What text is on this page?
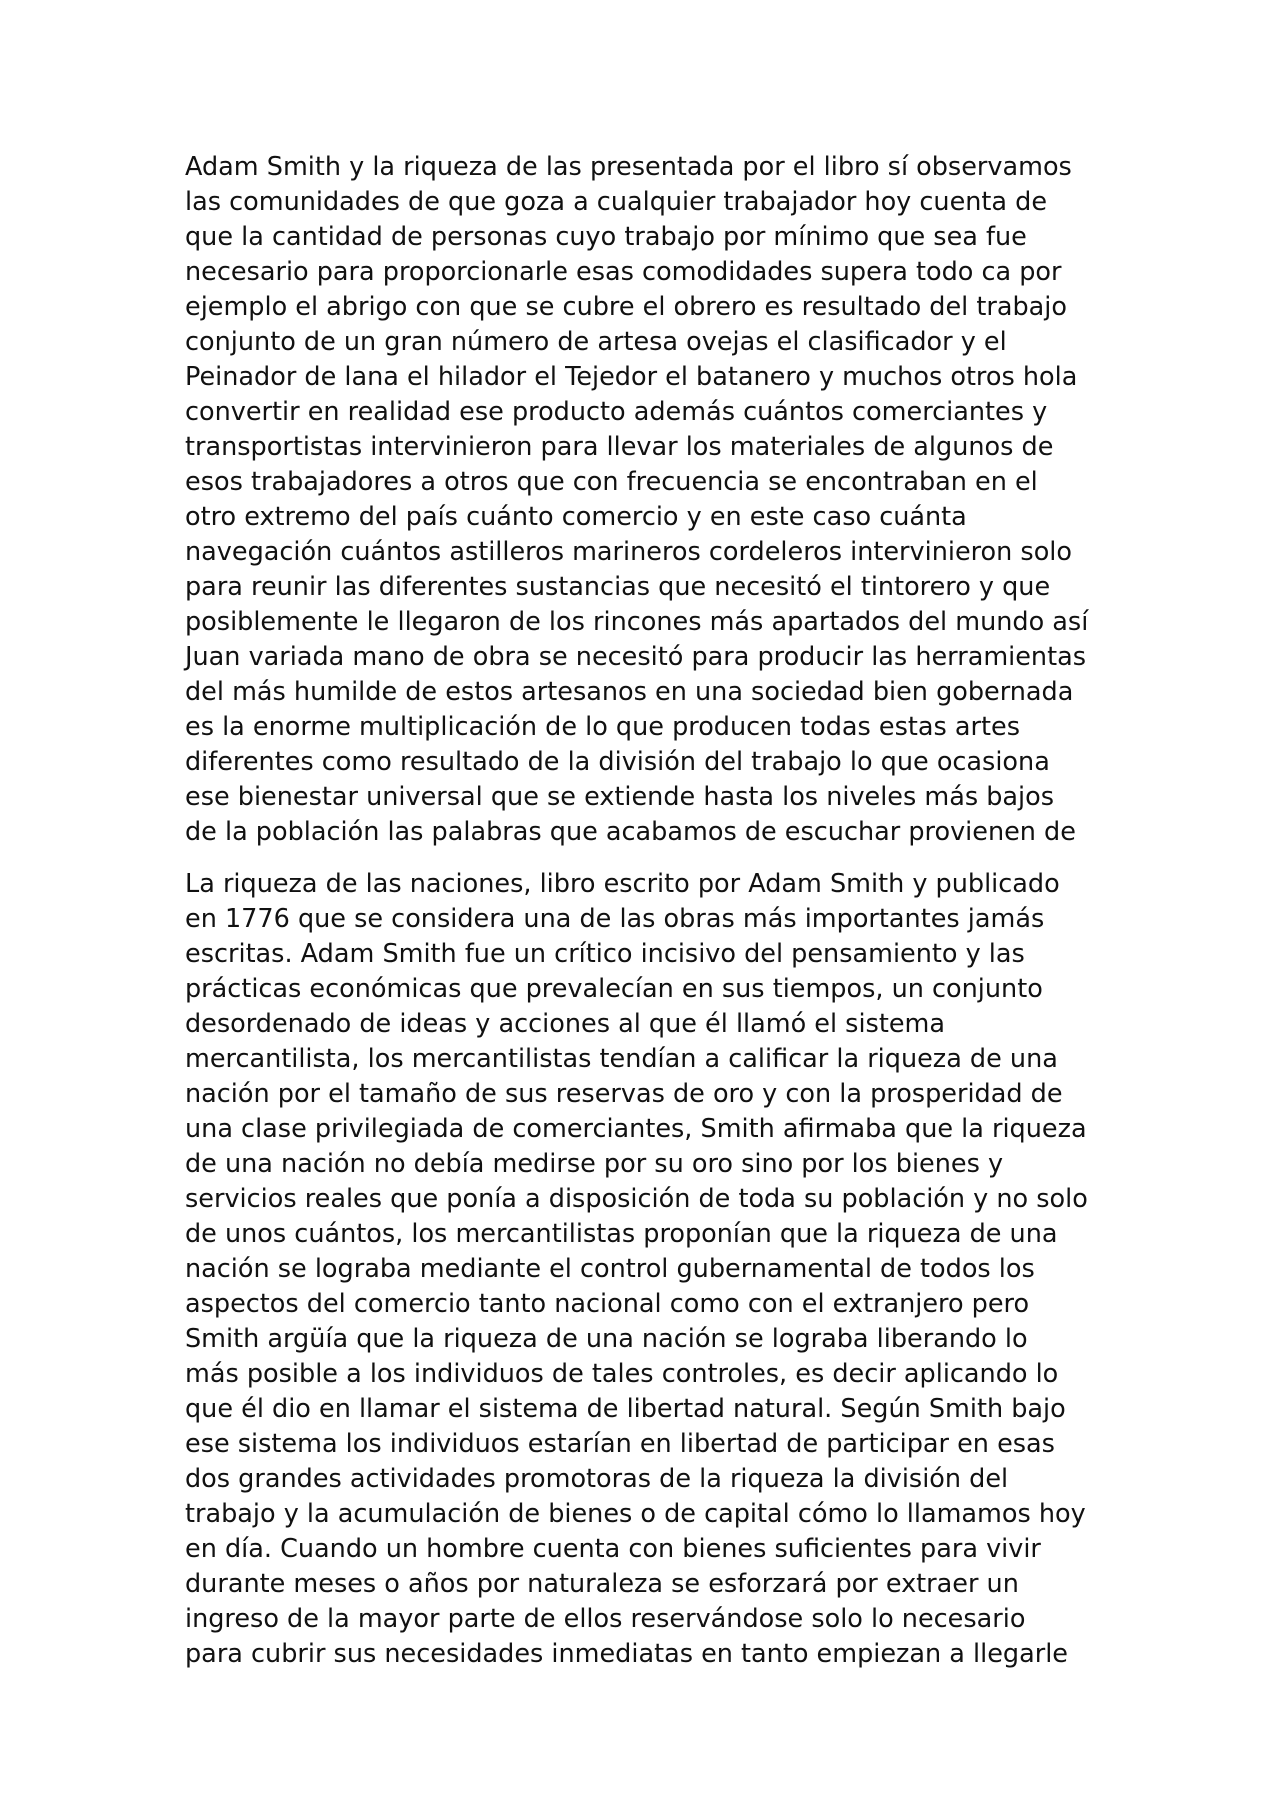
Adam Smith y la riqueza de las presentada por el libro sí observamos
las comunidades de que goza a cualquier trabajador hoy cuenta de
que la cantidad de personas cuyo trabajo por mínimo que sea fue
necesario para proporcionarle esas comodidades supera todo ca por
ejemplo el abrigo con que se cubre el obrero es resultado del trabajo
conjunto de un gran número de artesa ovejas el clasificador y el
Peinador de lana el hilador el Tejedor el batanero y muchos otros hola
convertir en realidad ese producto además cuántos comerciantes y
transportistas intervinieron para llevar los materiales de algunos de
esos trabajadores a otros que con frecuencia se encontraban en el
otro extremo del país cuánto comercio y en este caso cuánta
navegación cuántos astilleros marineros cordeleros intervinieron solo
para reunir las diferentes sustancias que necesitó el tintorero y que
posiblemente le llegaron de los rincones más apartados del mundo así
Juan variada mano de obra se necesitó para producir las herramientas
del más humilde de estos artesanos en una sociedad bien gobernada
es la enorme multiplicación de lo que producen todas estas artes
diferentes como resultado de la división del trabajo lo que ocasiona
ese bienestar universal que se extiende hasta los niveles más bajos
de la población las palabras que acabamos de escuchar provienen de
La riqueza de las naciones, libro escrito por Adam Smith y publicado
en 1776 que se considera una de las obras más importantes jamás
escritas. Adam Smith fue un crítico incisivo del pensamiento y las
prácticas económicas que prevalecían en sus tiempos, un conjunto
desordenado de ideas y acciones al que él llamó el sistema
mercantilista, los mercantilistas tendían a calificar la riqueza de una
nación por el tamaño de sus reservas de oro y con la prosperidad de
una clase privilegiada de comerciantes, Smith afirmaba que la riqueza
de una nación no debía medirse por su oro sino por los bienes y
servicios reales que ponía a disposición de toda su población y no solo
de unos cuántos, los mercantilistas proponían que la riqueza de una
nación se lograba mediante el control gubernamental de todos los
aspectos del comercio tanto nacional como con el extranjero pero
Smith argüía que la riqueza de una nación se lograba liberando lo
más posible a los individuos de tales controles, es decir aplicando lo
que él dio en llamar el sistema de libertad natural. Según Smith bajo
ese sistema los individuos estarían en libertad de participar en esas
dos grandes actividades promotoras de la riqueza la división del
trabajo y la acumulación de bienes o de capital cómo lo llamamos hoy
en día. Cuando un hombre cuenta con bienes suficientes para vivir
durante meses o años por naturaleza se esforzará por extraer un
ingreso de la mayor parte de ellos reservándose solo lo necesario
para cubrir sus necesidades inmediatas en tanto empiezan a llegarle
